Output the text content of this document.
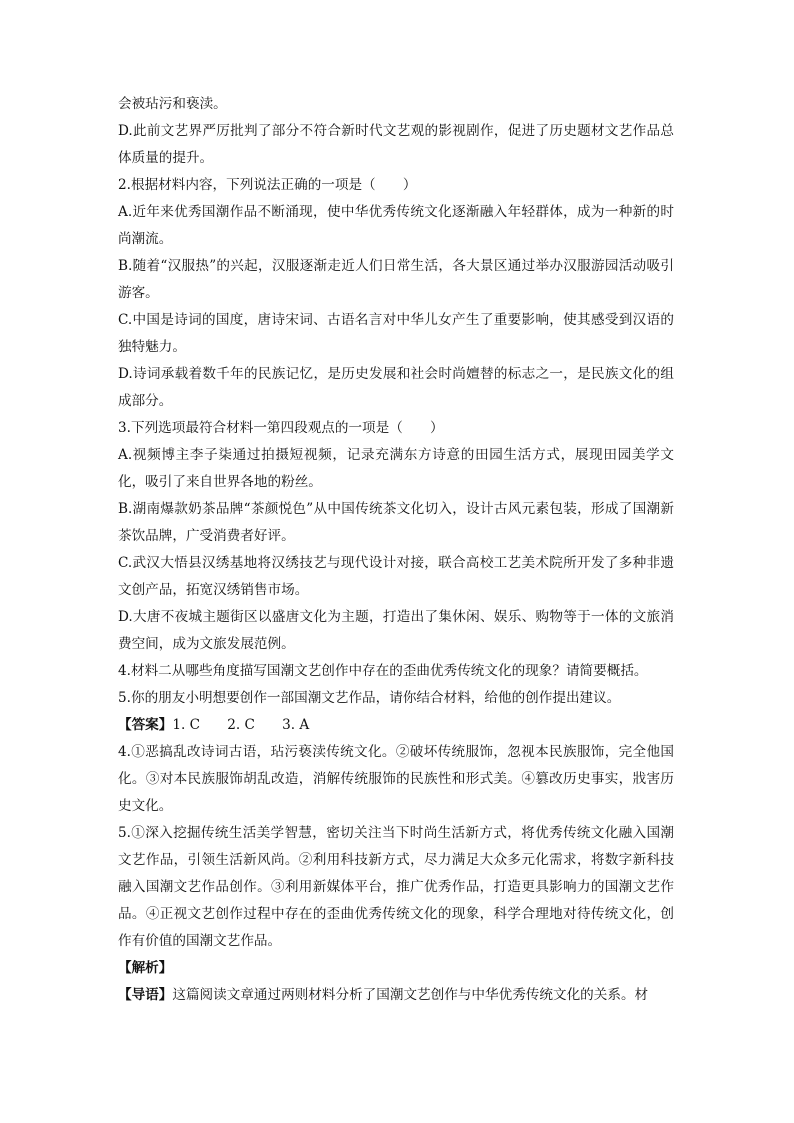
会被玷污和亵渎。

D.此前文艺界严厉批判了部分不符合新时代文艺观的影视剧作，促进了历史题材文艺作品总体质量的提升。

2.根据材料内容，下列说法正确的一项是（　　）

A.近年来优秀国潮作品不断涌现，使中华优秀传统文化逐渐融入年轻群体，成为一种新的时尚潮流。

B.随着“汉服热”的兴起，汉服逐渐走近人们日常生活，各大景区通过举办汉服游园活动吸引游客。

C.中国是诗词的国度，唐诗宋词、古语名言对中华儿女产生了重要影响，使其感受到汉语的独特魅力。

D.诗词承载着数千年的民族记忆，是历史发展和社会时尚嬗替的标志之一，是民族文化的组成部分。

3.下列选项最符合材料一第四段观点的一项是（　　）

A.视频博主李子柒通过拍摄短视频，记录充满东方诗意的田园生活方式，展现田园美学文化，吸引了来自世界各地的粉丝。

B.湖南爆款奶茶品牌“茶颜悦色”从中国传统茶文化切入，设计古风元素包装，形成了国潮新茶饮品牌，广受消费者好评。

C.武汉大悟县汉绣基地将汉绣技艺与现代设计对接，联合高校工艺美术院所开发了多种非遗文创产品，拓宽汉绣销售市场。

D.大唐不夜城主题街区以盛唐文化为主题，打造出了集休闲、娱乐、购物等于一体的文旅消费空间，成为文旅发展范例。

4.材料二从哪些角度描写国潮文艺创作中存在的歪曲优秀传统文化的现象？请简要概括。

5.你的朋友小明想要创作一部国潮文艺作品，请你结合材料，给他的创作提出建议。

【答案】1. C　　2. C　　3. A

4.①恶搞乱改诗词古语，玷污亵渎传统文化。②破坏传统服饰，忽视本民族服饰，完全他国化。③对本民族服饰胡乱改造，消解传统服饰的民族性和形式美。④篡改历史事实，戕害历史文化。

5.①深入挖掘传统生活美学智慧，密切关注当下时尚生活新方式，将优秀传统文化融入国潮文艺作品，引领生活新风尚。②利用科技新方式，尽力满足大众多元化需求，将数字新科技融入国潮文艺作品创作。③利用新媒体平台，推广优秀作品，打造更具影响力的国潮文艺作品。④正视文艺创作过程中存在的歪曲优秀传统文化的现象，科学合理地对待传统文化，创作有价值的国潮文艺作品。

【解析】

【导语】这篇阅读文章通过两则材料分析了国潮文艺创作与中华优秀传统文化的关系。材
